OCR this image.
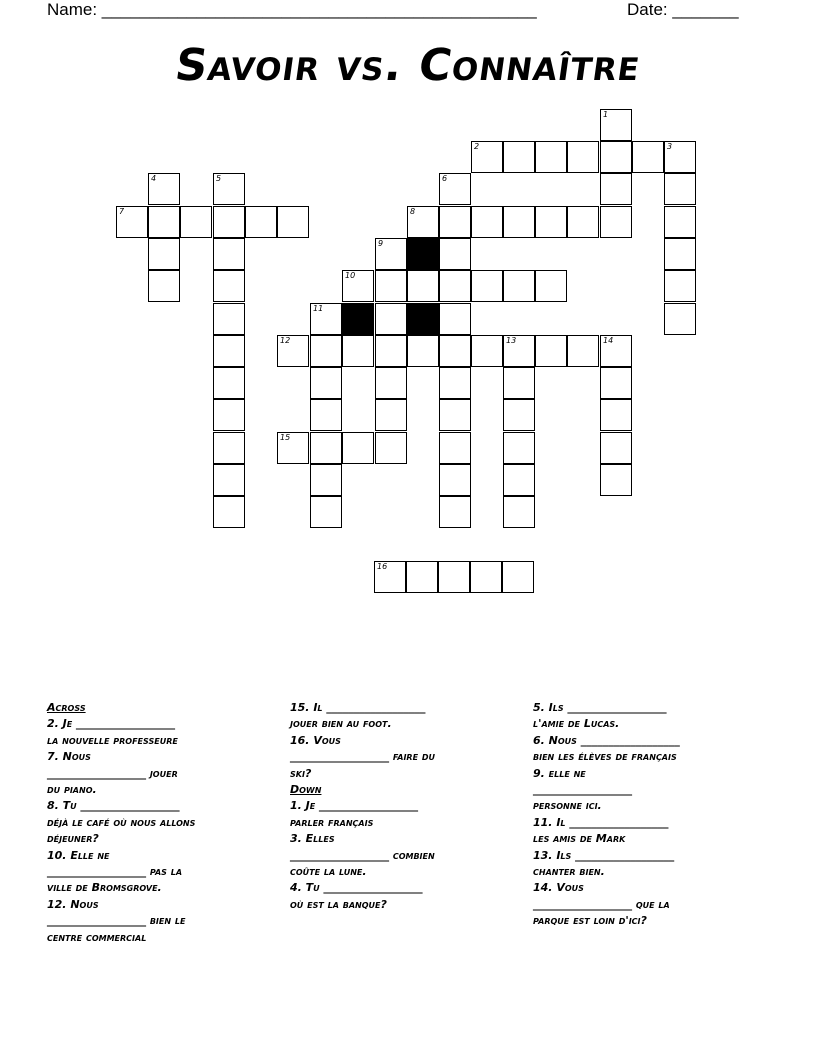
Name: ______________________________________________	Date: _______
Savoir vs. Connaître
1
2	3
4	5	6
7	8
9
10
11
12	13	14
15
16
Across
2. Je __________________
la nouvelle professeure
7. Nous
__________________ jouer
du piano.
8. Tu __________________
déjà le café où nous allons
déjeuner?
10. Elle ne
__________________ pas la
ville de Bromsgrove.
12. Nous
__________________ bien le
centre commercial
15. Il __________________
jouer bien au foot.
16. Vous
__________________ faire du
ski?
Down
1. Je __________________
parler français
3. Elles
__________________ combien
coûte la lune.
4. Tu __________________
où est la banque?
5. Ils __________________
l'amie de Lucas.
6. Nous __________________
bien les élèves de français
9. elle ne
__________________
personne ici.
11. Il __________________
les amis de Mark
13. Ils __________________
chanter bien.
14. Vous
__________________ que la
parque est loin d'ici?
